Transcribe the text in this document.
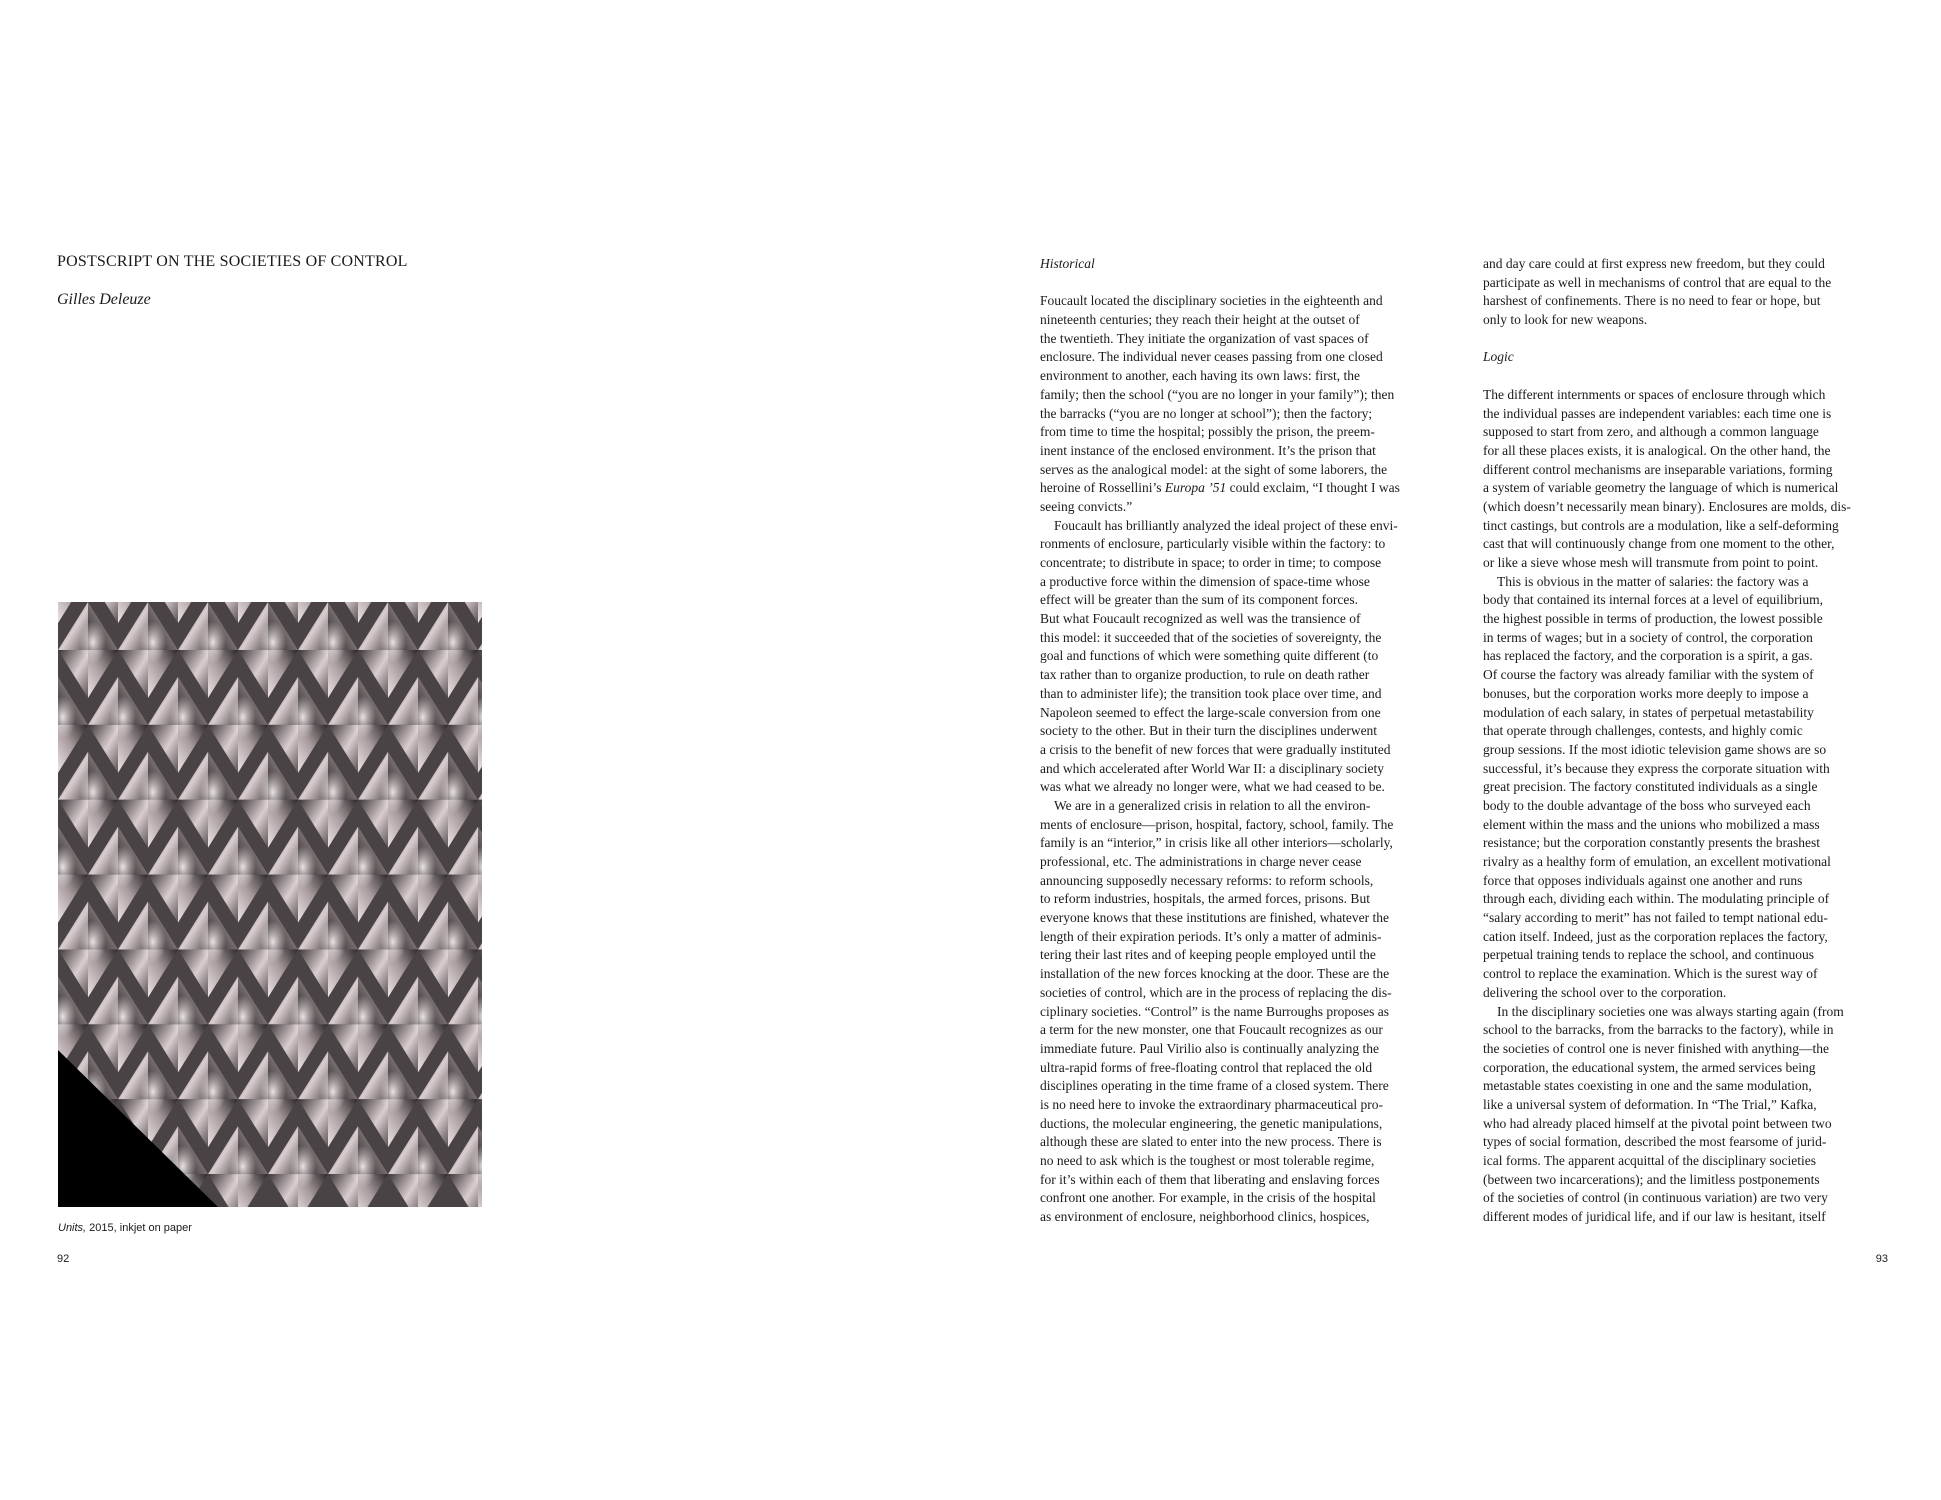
POSTSCRIPT ON THE SOCIETIES OF CONTROL
Gilles Deleuze
Units, 2015, inkjet on paper
92
Historical
Foucault located the disciplinary societies in the eighteenth and
nineteenth centuries; they reach their height at the outset of
the twentieth. They initiate the organization of vast spaces of
enclosure. The individual never ceases passing from one closed
environment to another, each having its own laws: first, the
family; then the school (“you are no longer in your family”); then
the barracks (“you are no longer at school”); then the factory;
from time to time the hospital; possibly the prison, the preem-
inent instance of the enclosed environment. It’s the prison that
serves as the analogical model: at the sight of some laborers, the
heroine of Rossellini’s Europa ’51 could exclaim, “I thought I was
seeing convicts.”
Foucault has brilliantly analyzed the ideal project of these envi-
ronments of enclosure, particularly visible within the factory: to
concentrate; to distribute in space; to order in time; to compose
a productive force within the dimension of space-time whose
effect will be greater than the sum of its component forces.
But what Foucault recognized as well was the transience of
this model: it succeeded that of the societies of sovereignty, the
goal and functions of which were something quite different (to
tax rather than to organize production, to rule on death rather
than to administer life); the transition took place over time, and
Napoleon seemed to effect the large-scale conversion from one
society to the other. But in their turn the disciplines underwent
a crisis to the benefit of new forces that were gradually instituted
and which accelerated after World War II: a disciplinary society
was what we already no longer were, what we had ceased to be.
We are in a generalized crisis in relation to all the environ-
ments of enclosure—prison, hospital, factory, school, family. The
family is an “interior,” in crisis like all other interiors—scholarly,
professional, etc. The administrations in charge never cease
announcing supposedly necessary reforms: to reform schools,
to reform industries, hospitals, the armed forces, prisons. But
everyone knows that these institutions are finished, whatever the
length of their expiration periods. It’s only a matter of adminis-
tering their last rites and of keeping people employed until the
installation of the new forces knocking at the door. These are the
societies of control, which are in the process of replacing the dis-
ciplinary societies. “Control” is the name Burroughs proposes as
a term for the new monster, one that Foucault recognizes as our
immediate future. Paul Virilio also is continually analyzing the
ultra-rapid forms of free-floating control that replaced the old
disciplines operating in the time frame of a closed system. There
is no need here to invoke the extraordinary pharmaceutical pro-
ductions, the molecular engineering, the genetic manipulations,
although these are slated to enter into the new process. There is
no need to ask which is the toughest or most tolerable regime,
for it’s within each of them that liberating and enslaving forces
confront one another. For example, in the crisis of the hospital
as environment of enclosure, neighborhood clinics, hospices,
and day care could at first express new freedom, but they could
participate as well in mechanisms of control that are equal to the
harshest of confinements. There is no need to fear or hope, but
only to look for new weapons.
Logic
The different internments or spaces of enclosure through which
the individual passes are independent variables: each time one is
supposed to start from zero, and although a common language
for all these places exists, it is analogical. On the other hand, the
different control mechanisms are inseparable variations, forming
a system of variable geometry the language of which is numerical
(which doesn’t necessarily mean binary). Enclosures are molds, dis-
tinct castings, but controls are a modulation, like a self-deforming
cast that will continuously change from one moment to the other,
or like a sieve whose mesh will transmute from point to point.
This is obvious in the matter of salaries: the factory was a
body that contained its internal forces at a level of equilibrium,
the highest possible in terms of production, the lowest possible
in terms of wages; but in a society of control, the corporation
has replaced the factory, and the corporation is a spirit, a gas.
Of course the factory was already familiar with the system of
bonuses, but the corporation works more deeply to impose a
modulation of each salary, in states of perpetual metastability
that operate through challenges, contests, and highly comic
group sessions. If the most idiotic television game shows are so
successful, it’s because they express the corporate situation with
great precision. The factory constituted individuals as a single
body to the double advantage of the boss who surveyed each
element within the mass and the unions who mobilized a mass
resistance; but the corporation constantly presents the brashest
rivalry as a healthy form of emulation, an excellent motivational
force that opposes individuals against one another and runs
through each, dividing each within. The modulating principle of
“salary according to merit” has not failed to tempt national edu-
cation itself. Indeed, just as the corporation replaces the factory,
perpetual training tends to replace the school, and continuous
control to replace the examination. Which is the surest way of
delivering the school over to the corporation.
In the disciplinary societies one was always starting again (from
school to the barracks, from the barracks to the factory), while in
the societies of control one is never finished with anything—the
corporation, the educational system, the armed services being
metastable states coexisting in one and the same modulation,
like a universal system of deformation. In “The Trial,” Kafka,
who had already placed himself at the pivotal point between two
types of social formation, described the most fearsome of jurid-
ical forms. The apparent acquittal of the disciplinary societies
(between two incarcerations); and the limitless postponements
of the societies of control (in continuous variation) are two very
different modes of juridical life, and if our law is hesitant, itself
93
